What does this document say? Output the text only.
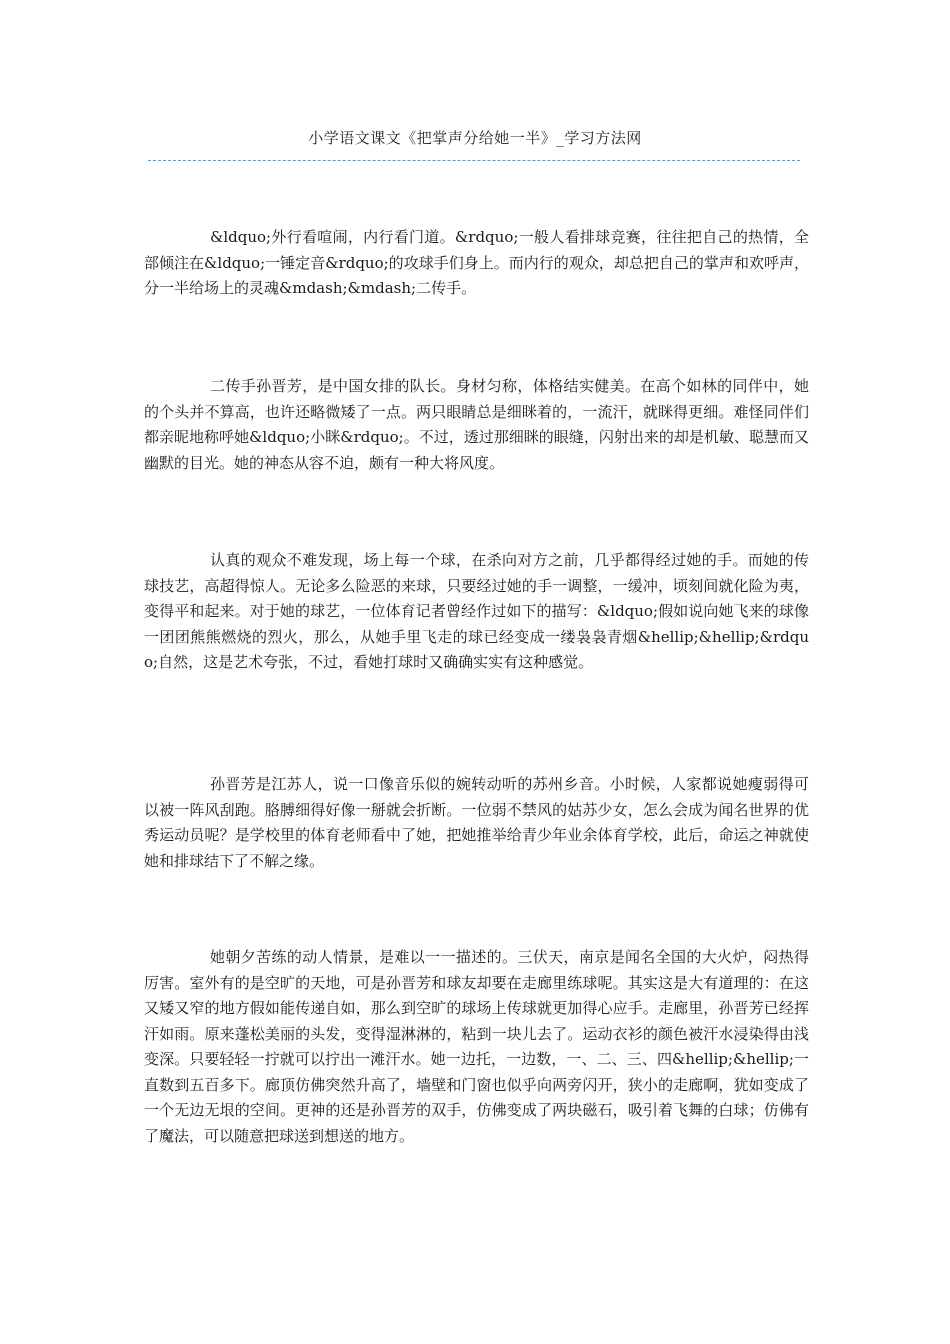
小学语文课文《把掌声分给她一半》_学习方法网

&ldquo;外行看喧闹，内行看门道。&rdquo;一般人看排球竞赛，往往把自己的热情，全部倾注在&ldquo;一锤定音&rdquo;的攻球手们身上。而内行的观众，却总把自己的掌声和欢呼声，分一半给场上的灵魂&mdash;&mdash;二传手。

二传手孙晋芳，是中国女排的队长。身材匀称，体格结实健美。在高个如林的同伴中，她的个头并不算高，也许还略微矮了一点。两只眼睛总是细眯着的，一流汗，就眯得更细。难怪同伴们都亲昵地称呼她&ldquo;小眯&rdquo;。不过，透过那细眯的眼缝，闪射出来的却是机敏、聪慧而又幽默的目光。她的神态从容不迫，颇有一种大将风度。

认真的观众不难发现，场上每一个球，在杀向对方之前，几乎都得经过她的手。而她的传球技艺，高超得惊人。无论多么险恶的来球，只要经过她的手一调整，一缓冲，顷刻间就化险为夷，变得平和起来。对于她的球艺，一位体育记者曾经作过如下的描写：&ldquo;假如说向她飞来的球像一团团熊熊燃烧的烈火，那么，从她手里飞走的球已经变成一缕袅袅青烟&hellip;&hellip;&rdquo;自然，这是艺术夸张，不过，看她打球时又确确实实有这种感觉。

孙晋芳是江苏人，说一口像音乐似的婉转动听的苏州乡音。小时候，人家都说她瘦弱得可以被一阵风刮跑。胳膊细得好像一掰就会折断。一位弱不禁风的姑苏少女，怎么会成为闻名世界的优秀运动员呢？是学校里的体育老师看中了她，把她推举给青少年业余体育学校，此后，命运之神就使她和排球结下了不解之缘。

她朝夕苦练的动人情景，是难以一一描述的。三伏天，南京是闻名全国的大火炉，闷热得厉害。室外有的是空旷的天地，可是孙晋芳和球友却要在走廊里练球呢。其实这是大有道理的：在这又矮又窄的地方假如能传递自如，那么到空旷的球场上传球就更加得心应手。走廊里，孙晋芳已经挥汗如雨。原来蓬松美丽的头发，变得湿淋淋的，粘到一块儿去了。运动衣衫的颜色被汗水浸染得由浅变深。只要轻轻一拧就可以拧出一滩汗水。她一边托，一边数，一、二、三、四&hellip;&hellip;一直数到五百多下。廊顶仿佛突然升高了，墙壁和门窗也似乎向两旁闪开，狭小的走廊啊，犹如变成了一个无边无垠的空间。更神的还是孙晋芳的双手，仿佛变成了两块磁石，吸引着飞舞的白球；仿佛有了魔法，可以随意把球送到想送的地方。
